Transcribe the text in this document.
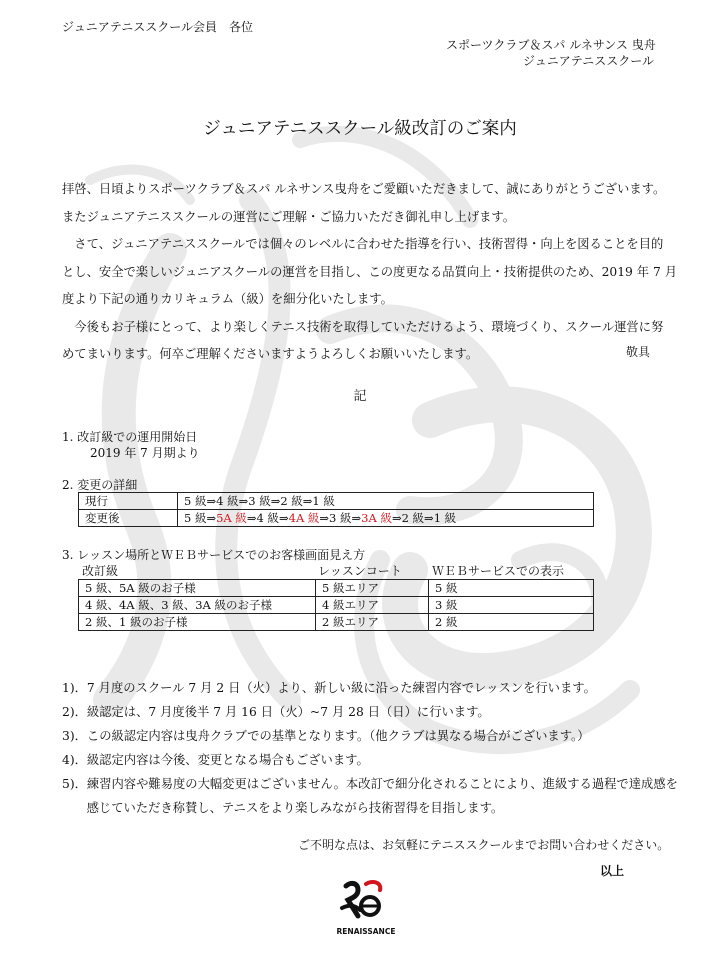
ジュニアテニススクール会員　各位
スポーツクラブ＆スパ ルネサンス 曳舟
ジュニアテニススクール
ジュニアテニススクール級改訂のご案内
拝啓、日頃よりスポーツクラブ＆スパ ルネサンス曳舟をご愛顧いただきまして、誠にありがとうございます。
またジュニアテニススクールの運営にご理解・ご協力いただき御礼申し上げます。
　さて、ジュニアテニススクールでは個々のレベルに合わせた指導を行い、技術習得・向上を図ることを目的
とし、安全で楽しいジュニアスクールの運営を目指し、この度更なる品質向上・技術提供のため、2019 年 7 月
度より下記の通りカリキュラム（級）を細分化いたします。
　今後もお子様にとって、より楽しくテニス技術を取得していただけるよう、環境づくり、スクール運営に努
めてまいります。何卒ご理解くださいますようよろしくお願いいたします。	敬具
記
1. 改訂級での運用開始日
2019 年 7 月期より
2. 変更の詳細
現行	5 級⇒4 級⇒3 級⇒2 級⇒1 級
変更後	5 級⇒5A 級⇒4 級⇒4A 級⇒3 級⇒3A 級⇒2 級⇒1 級
3. レッスン場所とＷＥＢサービスでのお客様画面見え方
改訂級	レッスンコート	ＷＥＢサービスでの表示
5 級、5A 級のお子様	5 級エリア	5 級
4 級、4A 級、3 級、3A 級のお子様	4 級エリア	3 級
2 級、1 級のお子様	2 級エリア	2 級
1)．7 月度のスクール 7 月 2 日（火）より、新しい級に沿った練習内容でレッスンを行います。
2)．級認定は、7 月度後半 7 月 16 日（火）~7 月 28 日（日）に行います。
3)．この級認定内容は曳舟クラブでの基準となります。（他クラブは異なる場合がございます。）
4)．級認定内容は今後、変更となる場合もございます。
5)．練習内容や難易度の大幅変更はございません。本改訂で細分化されることにより、進級する過程で達成感を
　　感じていただき称賛し、テニスをより楽しみながら技術習得を目指します。
ご不明な点は、お気軽にテニススクールまでお問い合わせください。
以上
RENAISSANCE
